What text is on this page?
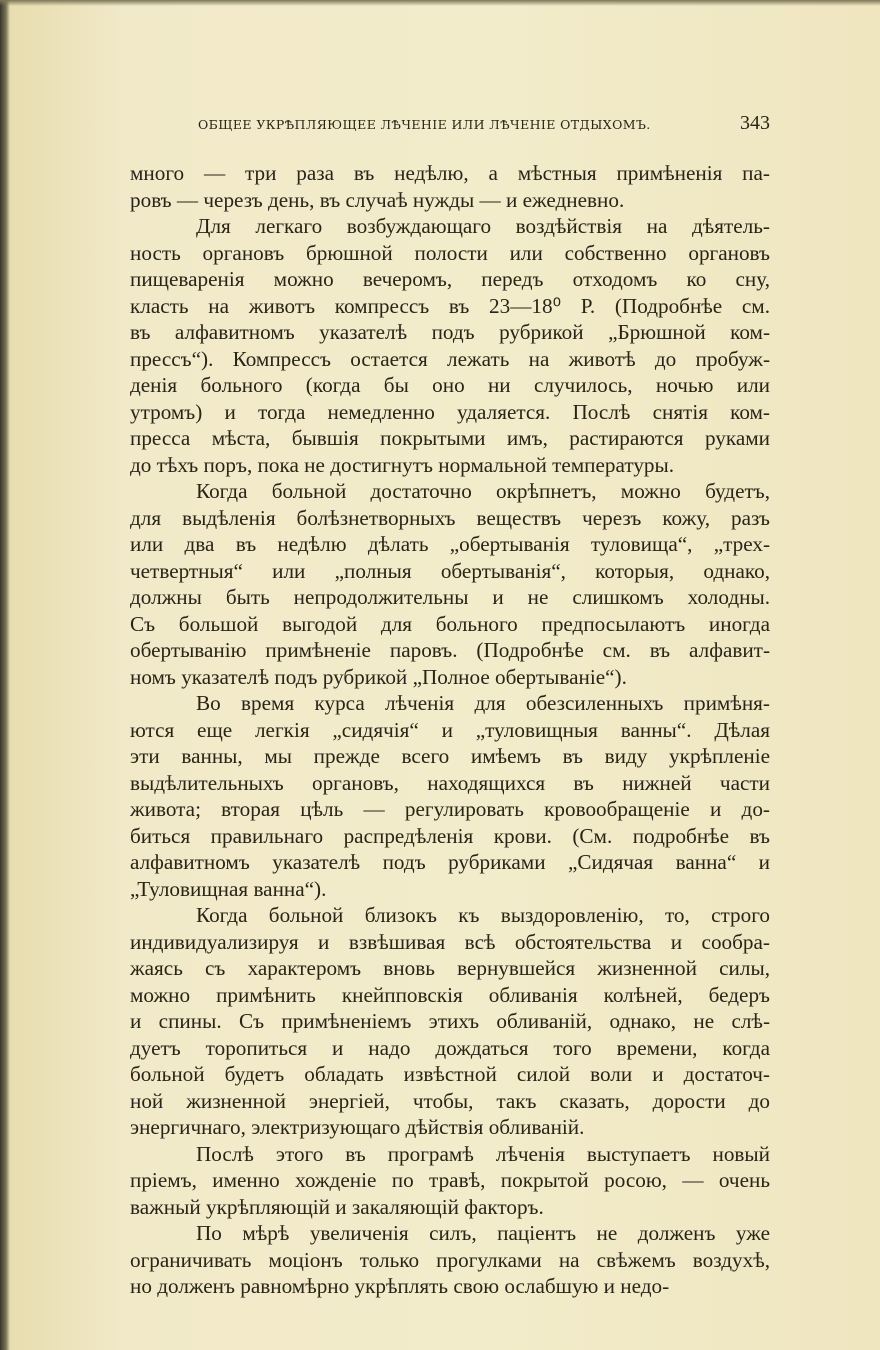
ОБЩЕЕ УКРѢПЛЯЮЩЕЕ ЛѢЧЕНІЕ ИЛИ ЛѢЧЕНІЕ ОТДЫХОМЪ.	343
много — три раза въ недѣлю, а мѣстныя примѣненія па-
ровъ — черезъ день, въ случаѣ нужды — и ежедневно.
Для легкаго возбуждающаго воздѣйствія на дѣятель-
ность органовъ брюшной полости или собственно органовъ
пищеваренія можно вечеромъ, передъ отходомъ ко сну,
класть на животъ компрессъ въ 23—18⁰ Р. (Подробнѣе см.
въ алфавитномъ указателѣ подъ рубрикой „Брюшной ком-
прессъ“). Компрессъ остается лежать на животѣ до пробуж-
денія больного (когда бы оно ни случилось, ночью или
утромъ) и тогда немедленно удаляется. Послѣ снятія ком-
пресса мѣста, бывшія покрытыми имъ, растираются руками
до тѣхъ поръ, пока не достигнутъ нормальной температуры.
Когда больной достаточно окрѣпнетъ, можно будетъ,
для выдѣленія болѣзнетворныхъ веществъ черезъ кожу, разъ
или два въ недѣлю дѣлать „обертыванія туловища“, „трех-
четвертныя“ или „полныя обертыванія“, которыя, однако,
должны быть непродолжительны и не слишкомъ холодны.
Съ большой выгодой для больного предпосылаютъ иногда
обертыванію примѣненіе паровъ. (Подробнѣе см. въ алфавит-
номъ указателѣ подъ рубрикой „Полное обертываніе“).
Во время курса лѣченія для обезсиленныхъ примѣня-
ются еще легкія „сидячія“ и „туловищныя ванны“. Дѣлая
эти ванны, мы прежде всего имѣемъ въ виду укрѣпленіе
выдѣлительныхъ органовъ, находящихся въ нижней части
живота; вторая цѣль — регулировать кровообращеніе и до-
биться правильнаго распредѣленія крови. (См. подробнѣе въ
алфавитномъ указателѣ подъ рубриками „Сидячая ванна“ и
„Туловищная ванна“).
Когда больной близокъ къ выздоровленію, то, строго
индивидуализируя и взвѣшивая всѣ обстоятельства и сообра-
жаясь съ характеромъ вновь вернувшейся жизненной силы,
можно примѣнить кнейпповскія обливанія колѣней, бедеръ
и спины. Съ примѣненіемъ этихъ обливаній, однако, не слѣ-
дуетъ торопиться и надо дождаться того времени, когда
больной будетъ обладать извѣстной силой воли и достаточ-
ной жизненной энергіей, чтобы, такъ сказать, дорости до
энергичнаго, электризующаго дѣйствія обливаній.
Послѣ этого въ програмѣ лѣченія выступаетъ новый
пріемъ, именно хожденіе по травѣ, покрытой росою, — очень
важный укрѣпляющій и закаляющій факторъ.
По мѣрѣ увеличенія силъ, паціентъ не долженъ уже
ограничивать моціонъ только прогулками на свѣжемъ воздухѣ,
но долженъ равномѣрно укрѣплять свою ослабшую и недо-
